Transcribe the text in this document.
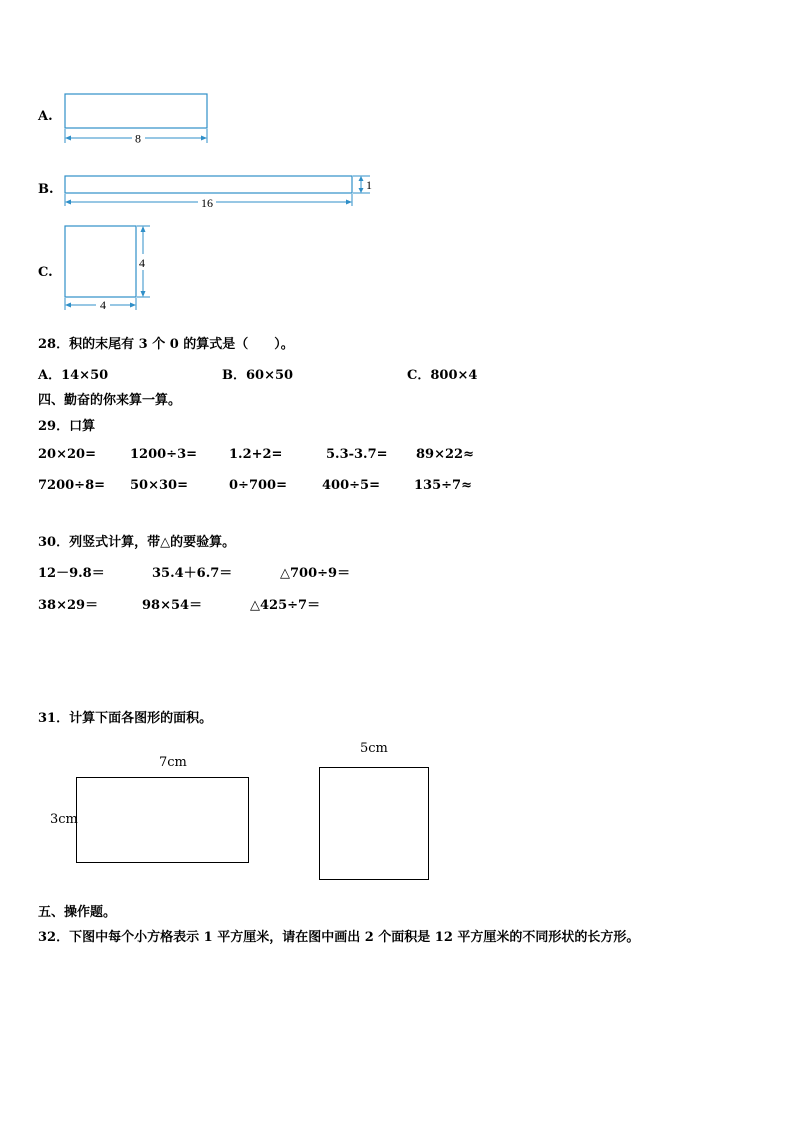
A.
8
B.
16
1
C.
4
4
28．积的末尾有 3 个 0 的算式是（　　）。
A．14×50	B．60×50	C．800×4
四、勤奋的你来算一算。
29．口算
20×20=	1200÷3= 1.2+2=	5.3-3.7= 89×22≈
7200÷8= 50×30=	0÷700=	400÷5=	135÷7≈
30．列竖式计算，带△的要验算。
12－9.8＝	35.4＋6.7＝	△700÷9＝
38×29＝	98×54＝	△425÷7＝
31．计算下面各图形的面积。
7cm
3cm
5cm
五、操作题。
32．下图中每个小方格表示 1 平方厘米，请在图中画出 2 个面积是 12 平方厘米的不同形状的长方形。
